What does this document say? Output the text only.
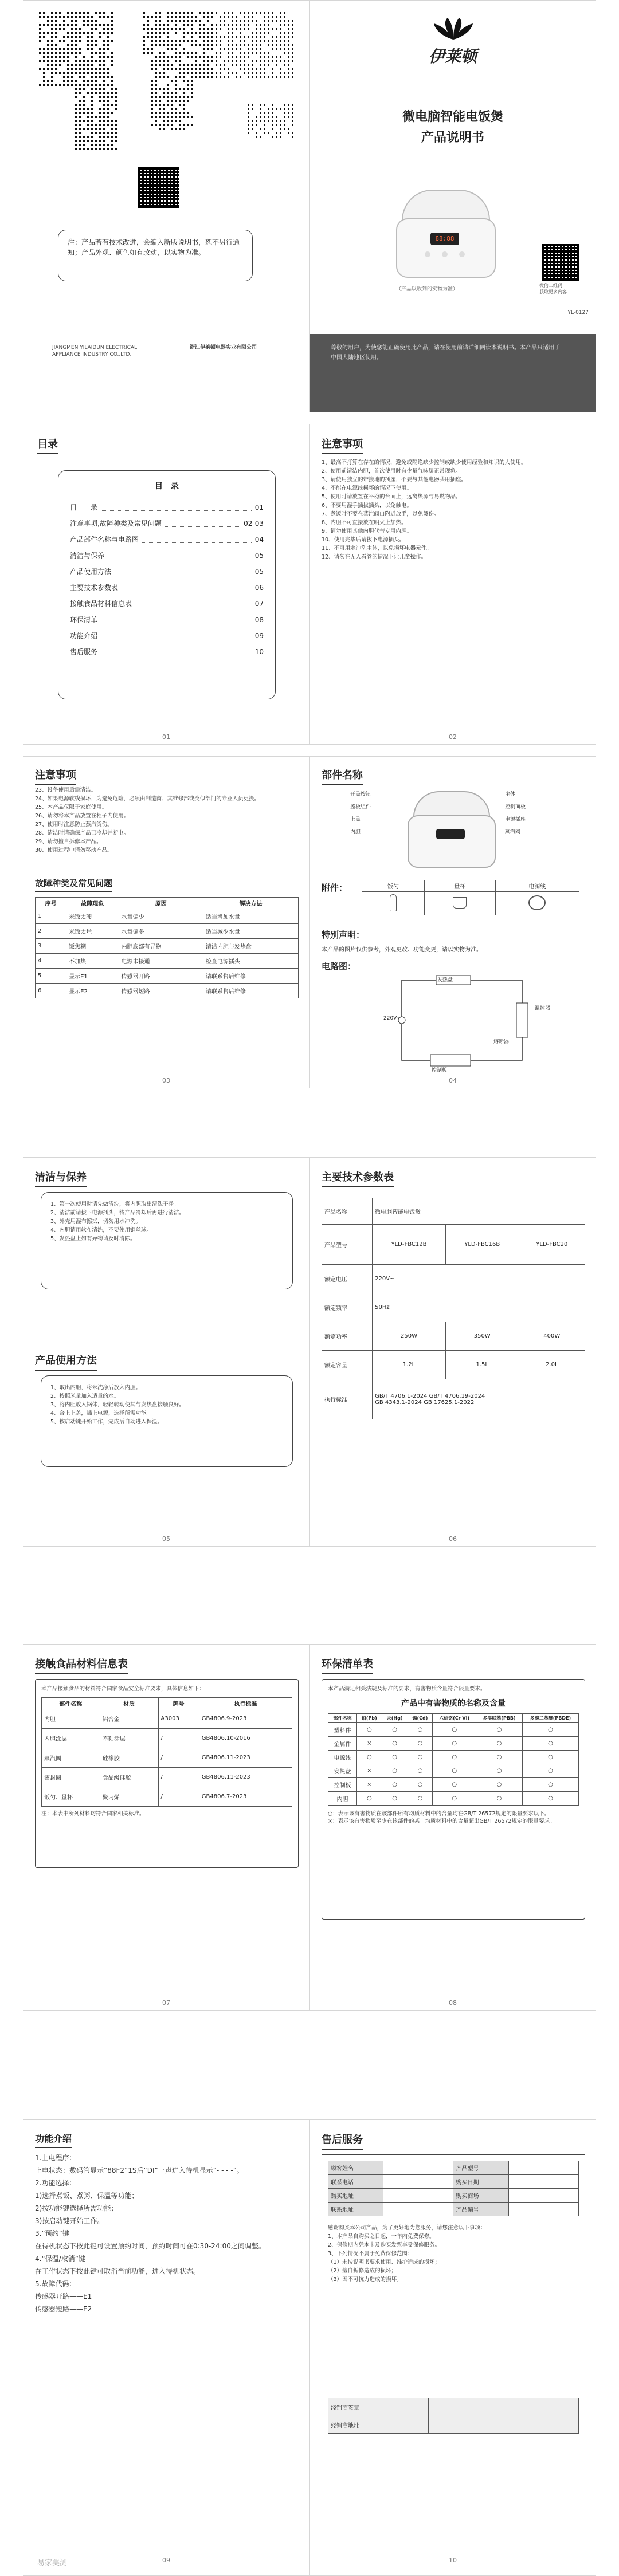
注：产品若有技术改进，会编入新版说明书，恕不另行通知；产品外观、颜色如有改动，以实物为准。
JIANGMEN YILAIDUN ELECTRICAL APPLIANCE INDUSTRY CO.,LTD.
浙江伊莱顿电器实业有限公司
伊莱顿
微电脑智能电饭煲
产品说明书
88:88
（产品以收到的实物为准）
微信二维码
获取更多内容
YL-0127
尊敬的用户，为使您能正确使用此产品，请在使用前请详细阅读本说明书。本产品只适用于中国大陆地区使用。
目录
目　录
目　　录	01
注意事项,故障种类及常见问题	02-03
产品部件名称与电路图	04
清洁与保养	05
产品使用方法	05
主要技术参数表	06
接触食品材料信息表	07
环保清单	08
功能介绍	09
售后服务	10
01
注意事项

1、最高不打算在存在的情况，避免或隔绝缺少控制或缺少使用经验和知识的人使用。

2、使用前清洁内胆，首次使用时有少量气味属正常现象。

3、请使用独立的带接地的插座，不要与其他电器共用插座。

4、不能在电源线损坏的情况下使用。

5、使用时请放置在平稳的台面上，远离热源与易燃物品。

6、不要用湿手插拔插头，以免触电。

7、煮饭时不要在蒸汽阀口附近放手，以免烫伤。

8、内胆不可直接放在明火上加热。

9、请勿使用其他内胆代替专用内胆。

10、使用完毕后请拔下电源插头。

11、不可用水冲洗主体，以免损坏电器元件。

12、请勿在无人看管的情况下让儿童操作。

02
注意事项

23、设备使用后需清洁。

24、如果电源软线损坏，为避免危险，必须由制造商、其维修部或类似部门的专业人员更换。

25、本产品仅限于家庭使用。

26、请勿将本产品放置在柜子内使用。

27、使用时注意防止蒸汽烫伤。

28、清洁时请确保产品已冷却并断电。

29、请勿擅自拆修本产品。

30、使用过程中请勿移动产品。

故障种类及常见问题
序号	故障现象	原因	解决方法
1	米饭太硬	水量偏少	适当增加水量
2	米饭太烂	水量偏多	适当减少水量
3	饭焦糊	内胆底部有异物	清洁内胆与发热盘
4	不加热	电源未接通	检查电源插头
5	显示E1	传感器开路	请联系售后维修
6	显示E2	传感器短路	请联系售后维修
03
部件名称
开盖按钮
盖板组件
上盖
内胆
主体
控制面板
电源插座
蒸汽阀
附件：	饭勺	量杯	电源线

特别声明：
本产品的图片仅供参考，外观更改、功能变更，请以实物为准。
电路图：
220V~
发热盘
熔断器
温控器
控制板
04
清洁与保养

1、第一次使用时请先做清洗，将内胆取出清洗干净。

2、清洁前请拔下电源插头，待产品冷却后再进行清洁。

3、外壳用湿布擦拭，切勿用水冲洗。

4、内胆请用软布清洗，不要使用钢丝球。

5、发热盘上如有异物请及时清除。

产品使用方法

1、取出内胆，将米洗净后放入内胆。

2、按照米量加入适量的水。

3、将内胆放入锅体，轻轻转动使其与发热盘接触良好。

4、合上上盖，插上电源，选择所需功能。

5、按启动键开始工作，完成后自动进入保温。

05
主要技术参数表
产品名称	微电脑智能电饭煲		
产品型号	YLD-FBC12B	YLD-FBC16B	YLD-FBC20
额定电压	220V~		
额定频率	50Hz		
额定功率	250W	350W	400W
额定容量	1.2L	1.5L	2.0L
执行标准	GB/T 4706.1-2024 GB/T 4706.19-2024
GB 4343.1-2024 GB 17625.1-2022		
06
接触食品材料信息表
本产品接触食品的材料符合国家食品安全标准要求，具体信息如下：
部件名称	材质	牌号	执行标准
内胆	铝合金	A3003	GB4806.9-2023
内胆涂层	不粘涂层	/	GB4806.10-2016
蒸汽阀	硅橡胶	/	GB4806.11-2023
密封圈	食品级硅胶	/	GB4806.11-2023
饭勺、量杯	聚丙烯	/	GB4806.7-2023
注：本表中所列材料均符合国家相关标准。
07
环保清单表
本产品满足相关法规及标准的要求，有害物质含量符合限量要求。
产品中有害物质的名称及含量
部件名称	铅(Pb)	汞(Hg)	镉(Cd)	六价铬(Cr VI)	多溴联苯(PBB)	多溴二苯醚(PBDE)
塑料件	○	○	○	○	○	○
金属件	×	○	○	○	○	○
电源线	○	○	○	○	○	○
发热盘	×	○	○	○	○	○
控制板	×	○	○	○	○	○
内胆	○	○	○	○	○	○
○：表示该有害物质在该部件所有均质材料中的含量均在GB/T 26572规定的限量要求以下。
×：表示该有害物质至少在该部件的某一均质材料中的含量超出GB/T 26572规定的限量要求。
08
功能介绍

1.上电程序：

上电状态：数码管显示“88F2”1S后“DI”一声进入待机显示“- - - -”。

2.功能选择：

1)选择煮饭、煮粥、保温等功能；

2)按功能键选择所需功能；

3)按启动键开始工作。

3.“预约”键

在待机状态下按此键可设置预约时间，预约时间可在0:30-24:00之间调整。

4.“保温/取消”键

在工作状态下按此键可取消当前功能，进入待机状态。

5.故障代码：

传感器开路——E1

传感器短路——E2

易家美测	09
售后服务
顾客姓名		产品型号	
联系电话		购买日期	
购买地址		购买商场	
联系地址		产品编号	

感谢购买本公司产品，为了更好地为您服务，请您注意以下事项：

1、本产品自购买之日起，一年内免费保修。

2、保修期内凭本卡及购买发票享受保修服务。

3、下列情况不属于免费保修范围：

（1）未按说明书要求使用、维护造成的损坏；

（2）擅自拆修造成的损坏；

（3）因不可抗力造成的损坏。

经销商签章	
经销商地址	
10
